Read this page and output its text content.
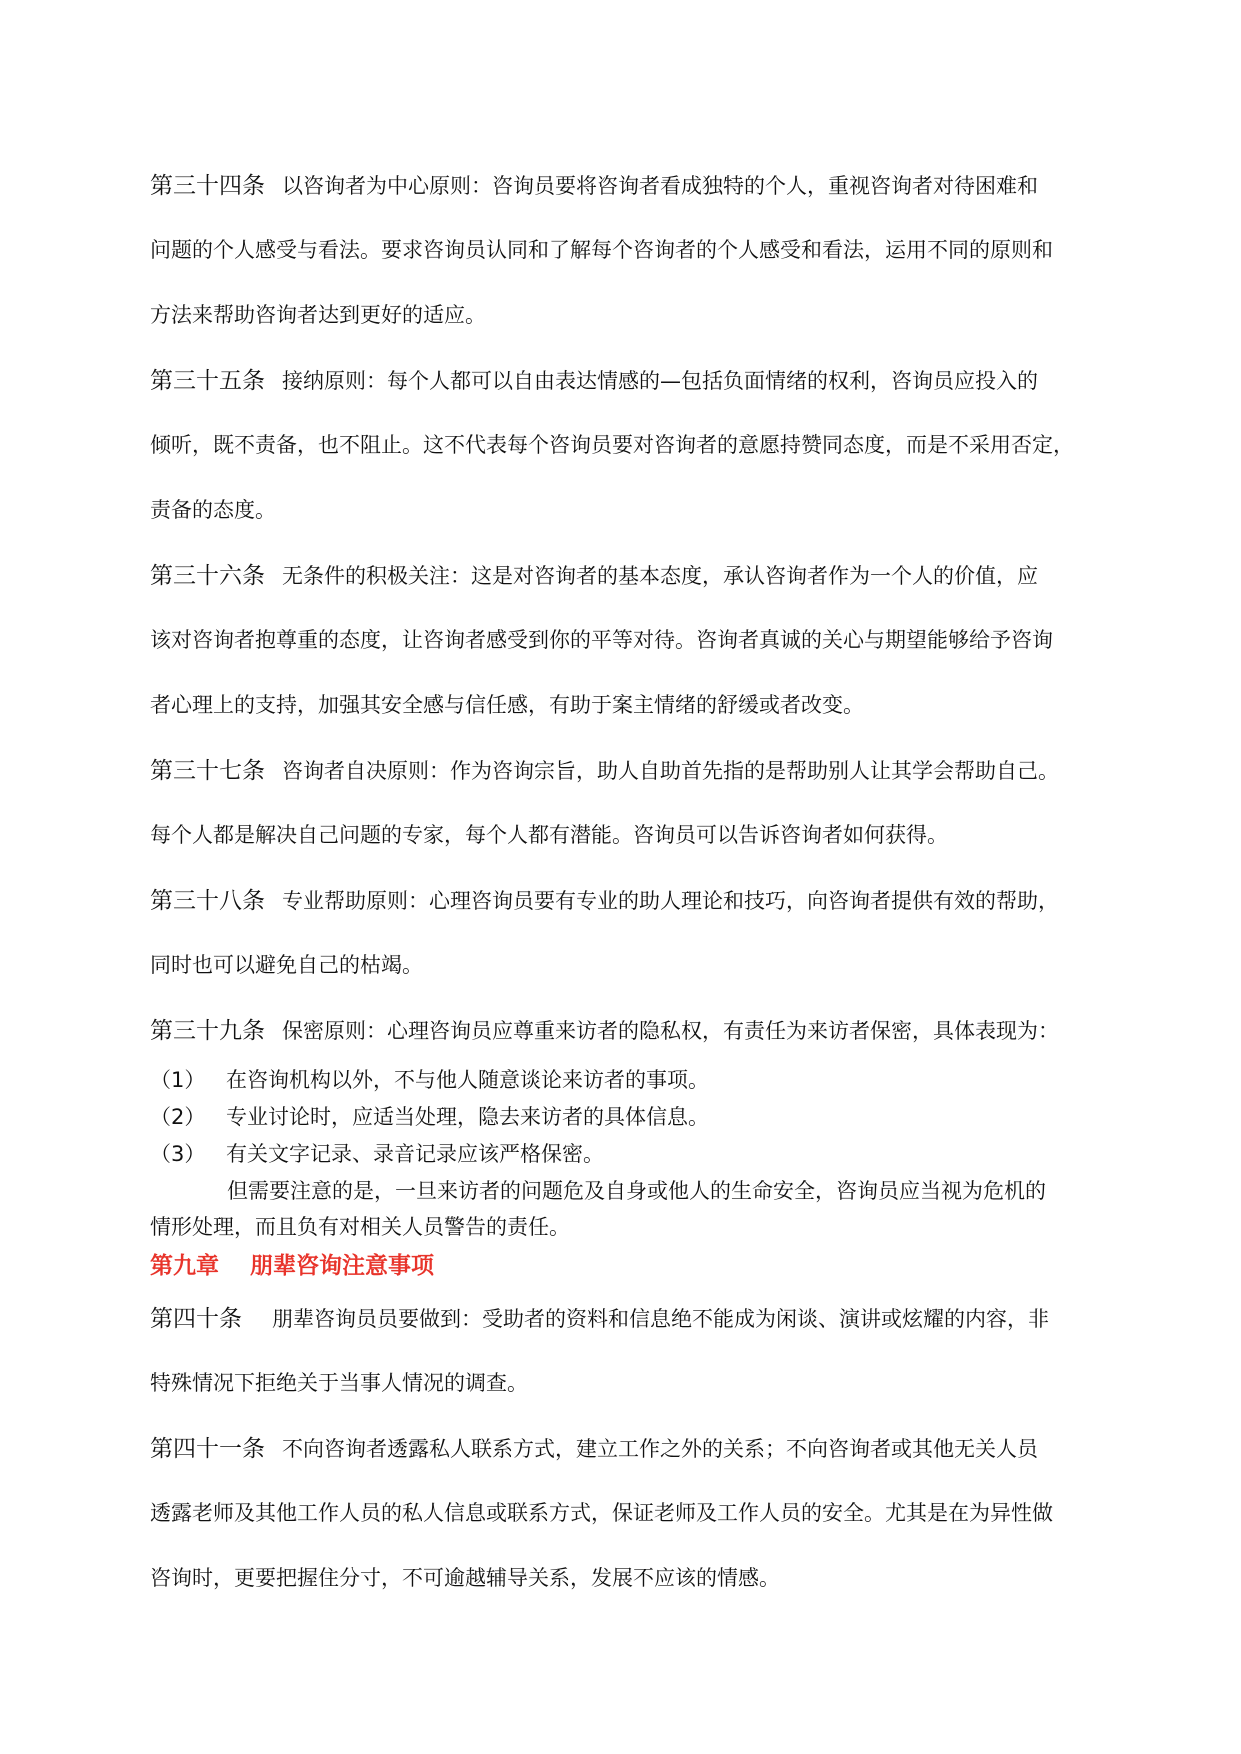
第三十四条 以咨询者为中心原则：咨询员要将咨询者看成独特的个人，重视咨询者对待困难和
问题的个人感受与看法。要求咨询员认同和了解每个咨询者的个人感受和看法，运用不同的原则和
方法来帮助咨询者达到更好的适应。
第三十五条 接纳原则：每个人都可以自由表达情感的—包括负面情绪的权利，咨询员应投入的
倾听，既不责备，也不阻止。这不代表每个咨询员要对咨询者的意愿持赞同态度，而是不采用否定，
责备的态度。
第三十六条 无条件的积极关注：这是对咨询者的基本态度，承认咨询者作为一个人的价值，应
该对咨询者抱尊重的态度，让咨询者感受到你的平等对待。咨询者真诚的关心与期望能够给予咨询
者心理上的支持，加强其安全感与信任感，有助于案主情绪的舒缓或者改变。
第三十七条 咨询者自决原则：作为咨询宗旨，助人自助首先指的是帮助别人让其学会帮助自己。
每个人都是解决自己问题的专家，每个人都有潜能。咨询员可以告诉咨询者如何获得。
第三十八条 专业帮助原则：心理咨询员要有专业的助人理论和技巧，向咨询者提供有效的帮助，
同时也可以避免自己的枯竭。
第三十九条 保密原则：心理咨询员应尊重来访者的隐私权，有责任为来访者保密，具体表现为：
（1） 在咨询机构以外，不与他人随意谈论来访者的事项。
（2） 专业讨论时，应适当处理，隐去来访者的具体信息。
（3） 有关文字记录、录音记录应该严格保密。
但需要注意的是，一旦来访者的问题危及自身或他人的生命安全，咨询员应当视为危机的
情形处理，而且负有对相关人员警告的责任。
第九章 朋辈咨询注意事项
第四十条 朋辈咨询员员要做到：受助者的资料和信息绝不能成为闲谈、演讲或炫耀的内容，非
特殊情况下拒绝关于当事人情况的调查。
第四十一条 不向咨询者透露私人联系方式，建立工作之外的关系；不向咨询者或其他无关人员
透露老师及其他工作人员的私人信息或联系方式，保证老师及工作人员的安全。尤其是在为异性做
咨询时，更要把握住分寸，不可逾越辅导关系，发展不应该的情感。
